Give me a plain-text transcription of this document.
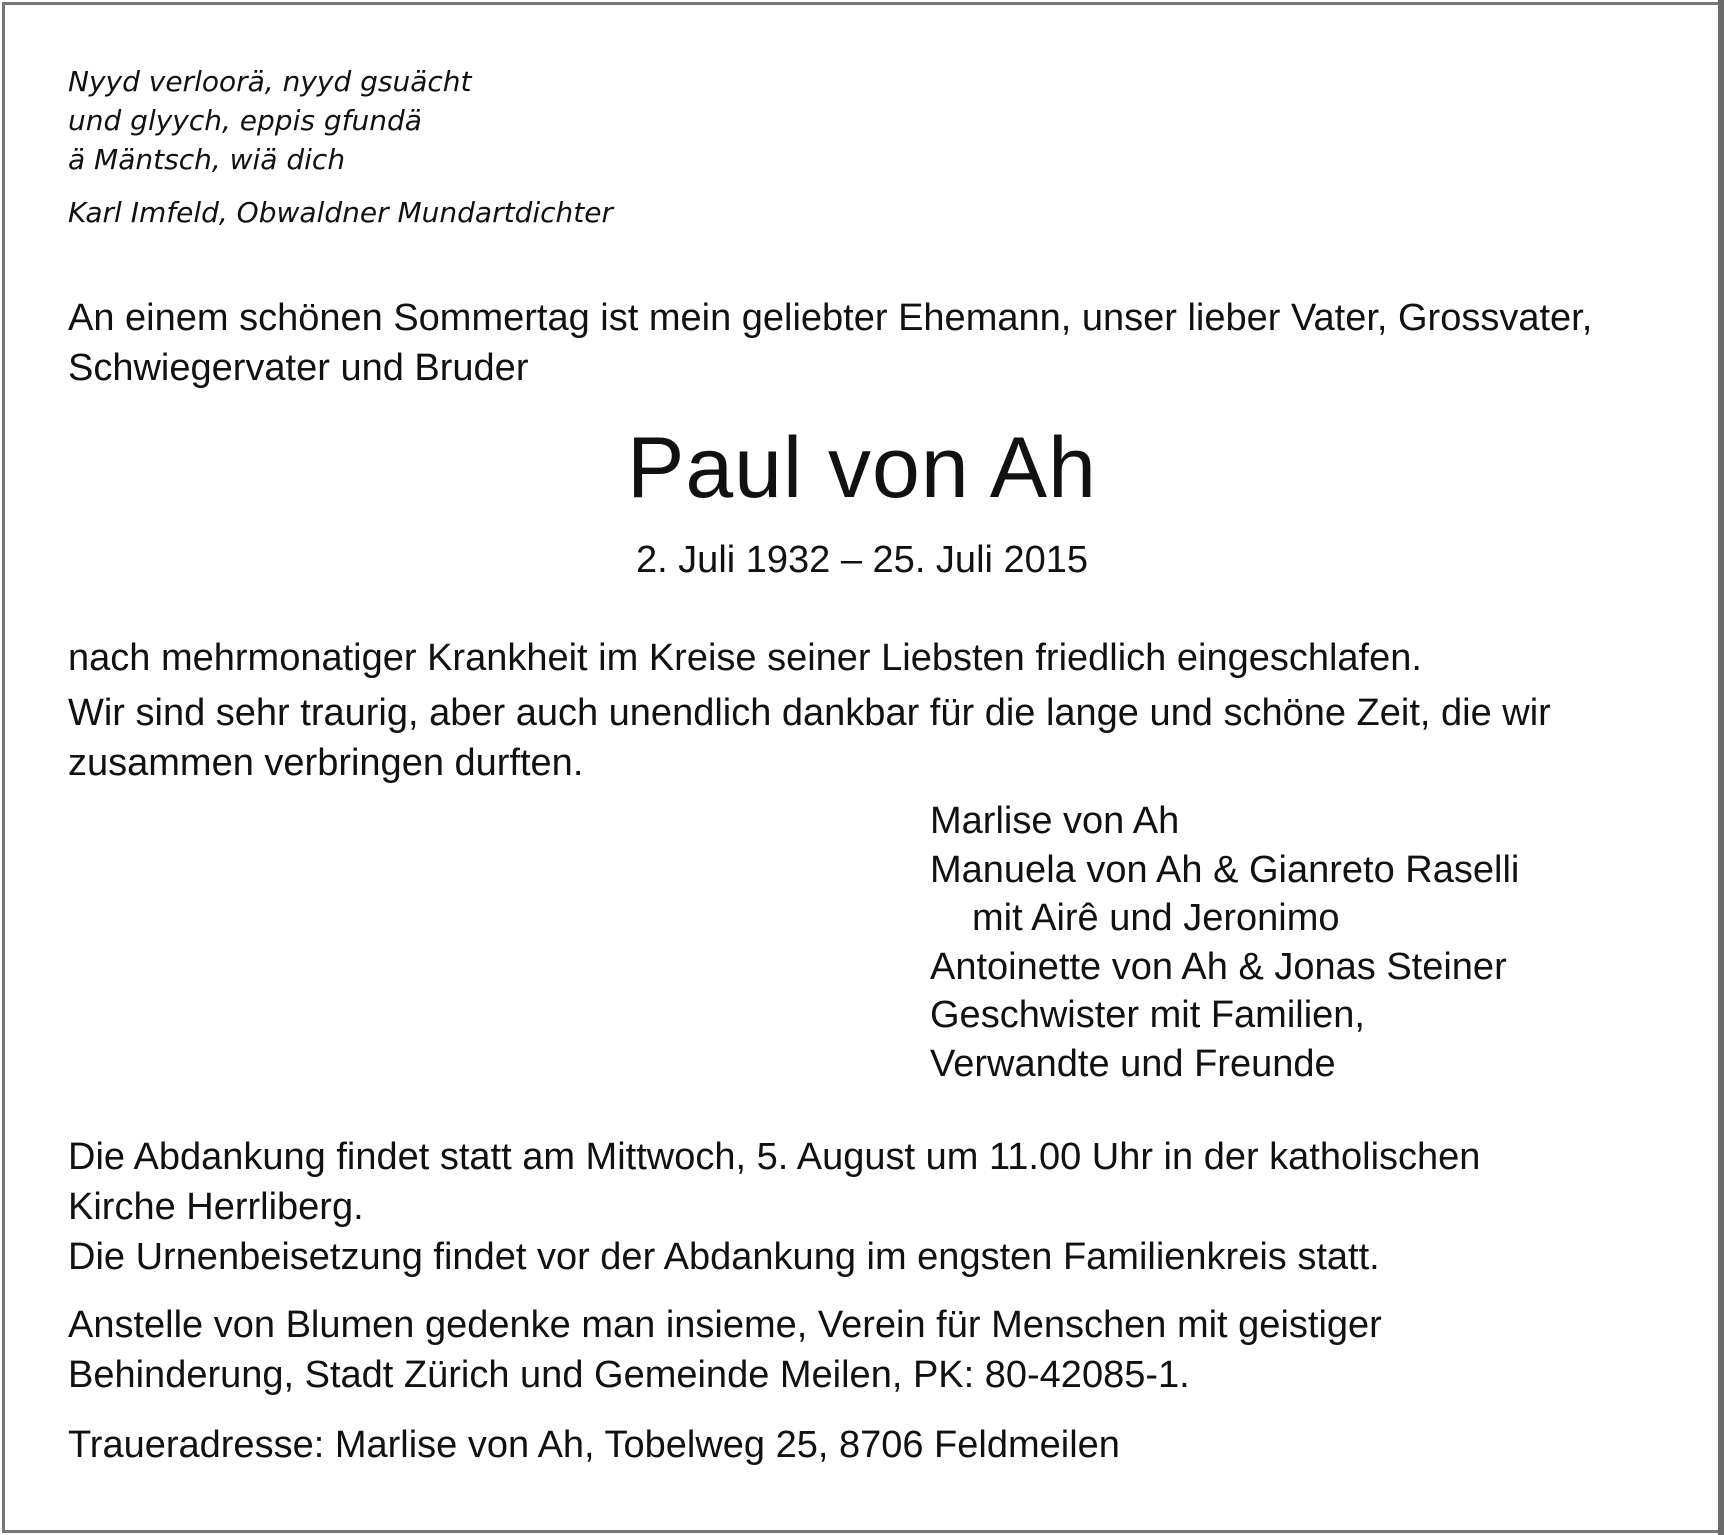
Nyyd verloorä, nyyd gsuächt
und glyych, eppis gfundä
ä Mäntsch, wiä dich
Karl Imfeld, Obwaldner Mundartdichter
An einem schönen Sommertag ist mein geliebter Ehemann, unser lieber Vater, Grossvater,
Schwiegervater und Bruder
Paul von Ah
2. Juli 1932 – 25. Juli 2015
nach mehrmonatiger Krankheit im Kreise seiner Liebsten friedlich eingeschlafen.
Wir sind sehr traurig, aber auch unendlich dankbar für die lange und schöne Zeit, die wir
zusammen verbringen durften.
Marlise von Ah
Manuela von Ah & Gianreto Raselli
mit Airê und Jeronimo
Antoinette von Ah & Jonas Steiner
Geschwister mit Familien,
Verwandte und Freunde
Die Abdankung findet statt am Mittwoch, 5. August um 11.00 Uhr in der katholischen
Kirche Herrliberg.
Die Urnenbeisetzung findet vor der Abdankung im engsten Familienkreis statt.
Anstelle von Blumen gedenke man insieme, Verein für Menschen mit geistiger
Behinderung, Stadt Zürich und Gemeinde Meilen, PK: 80-42085-1.
Traueradresse: Marlise von Ah, Tobelweg 25, 8706 Feldmeilen
